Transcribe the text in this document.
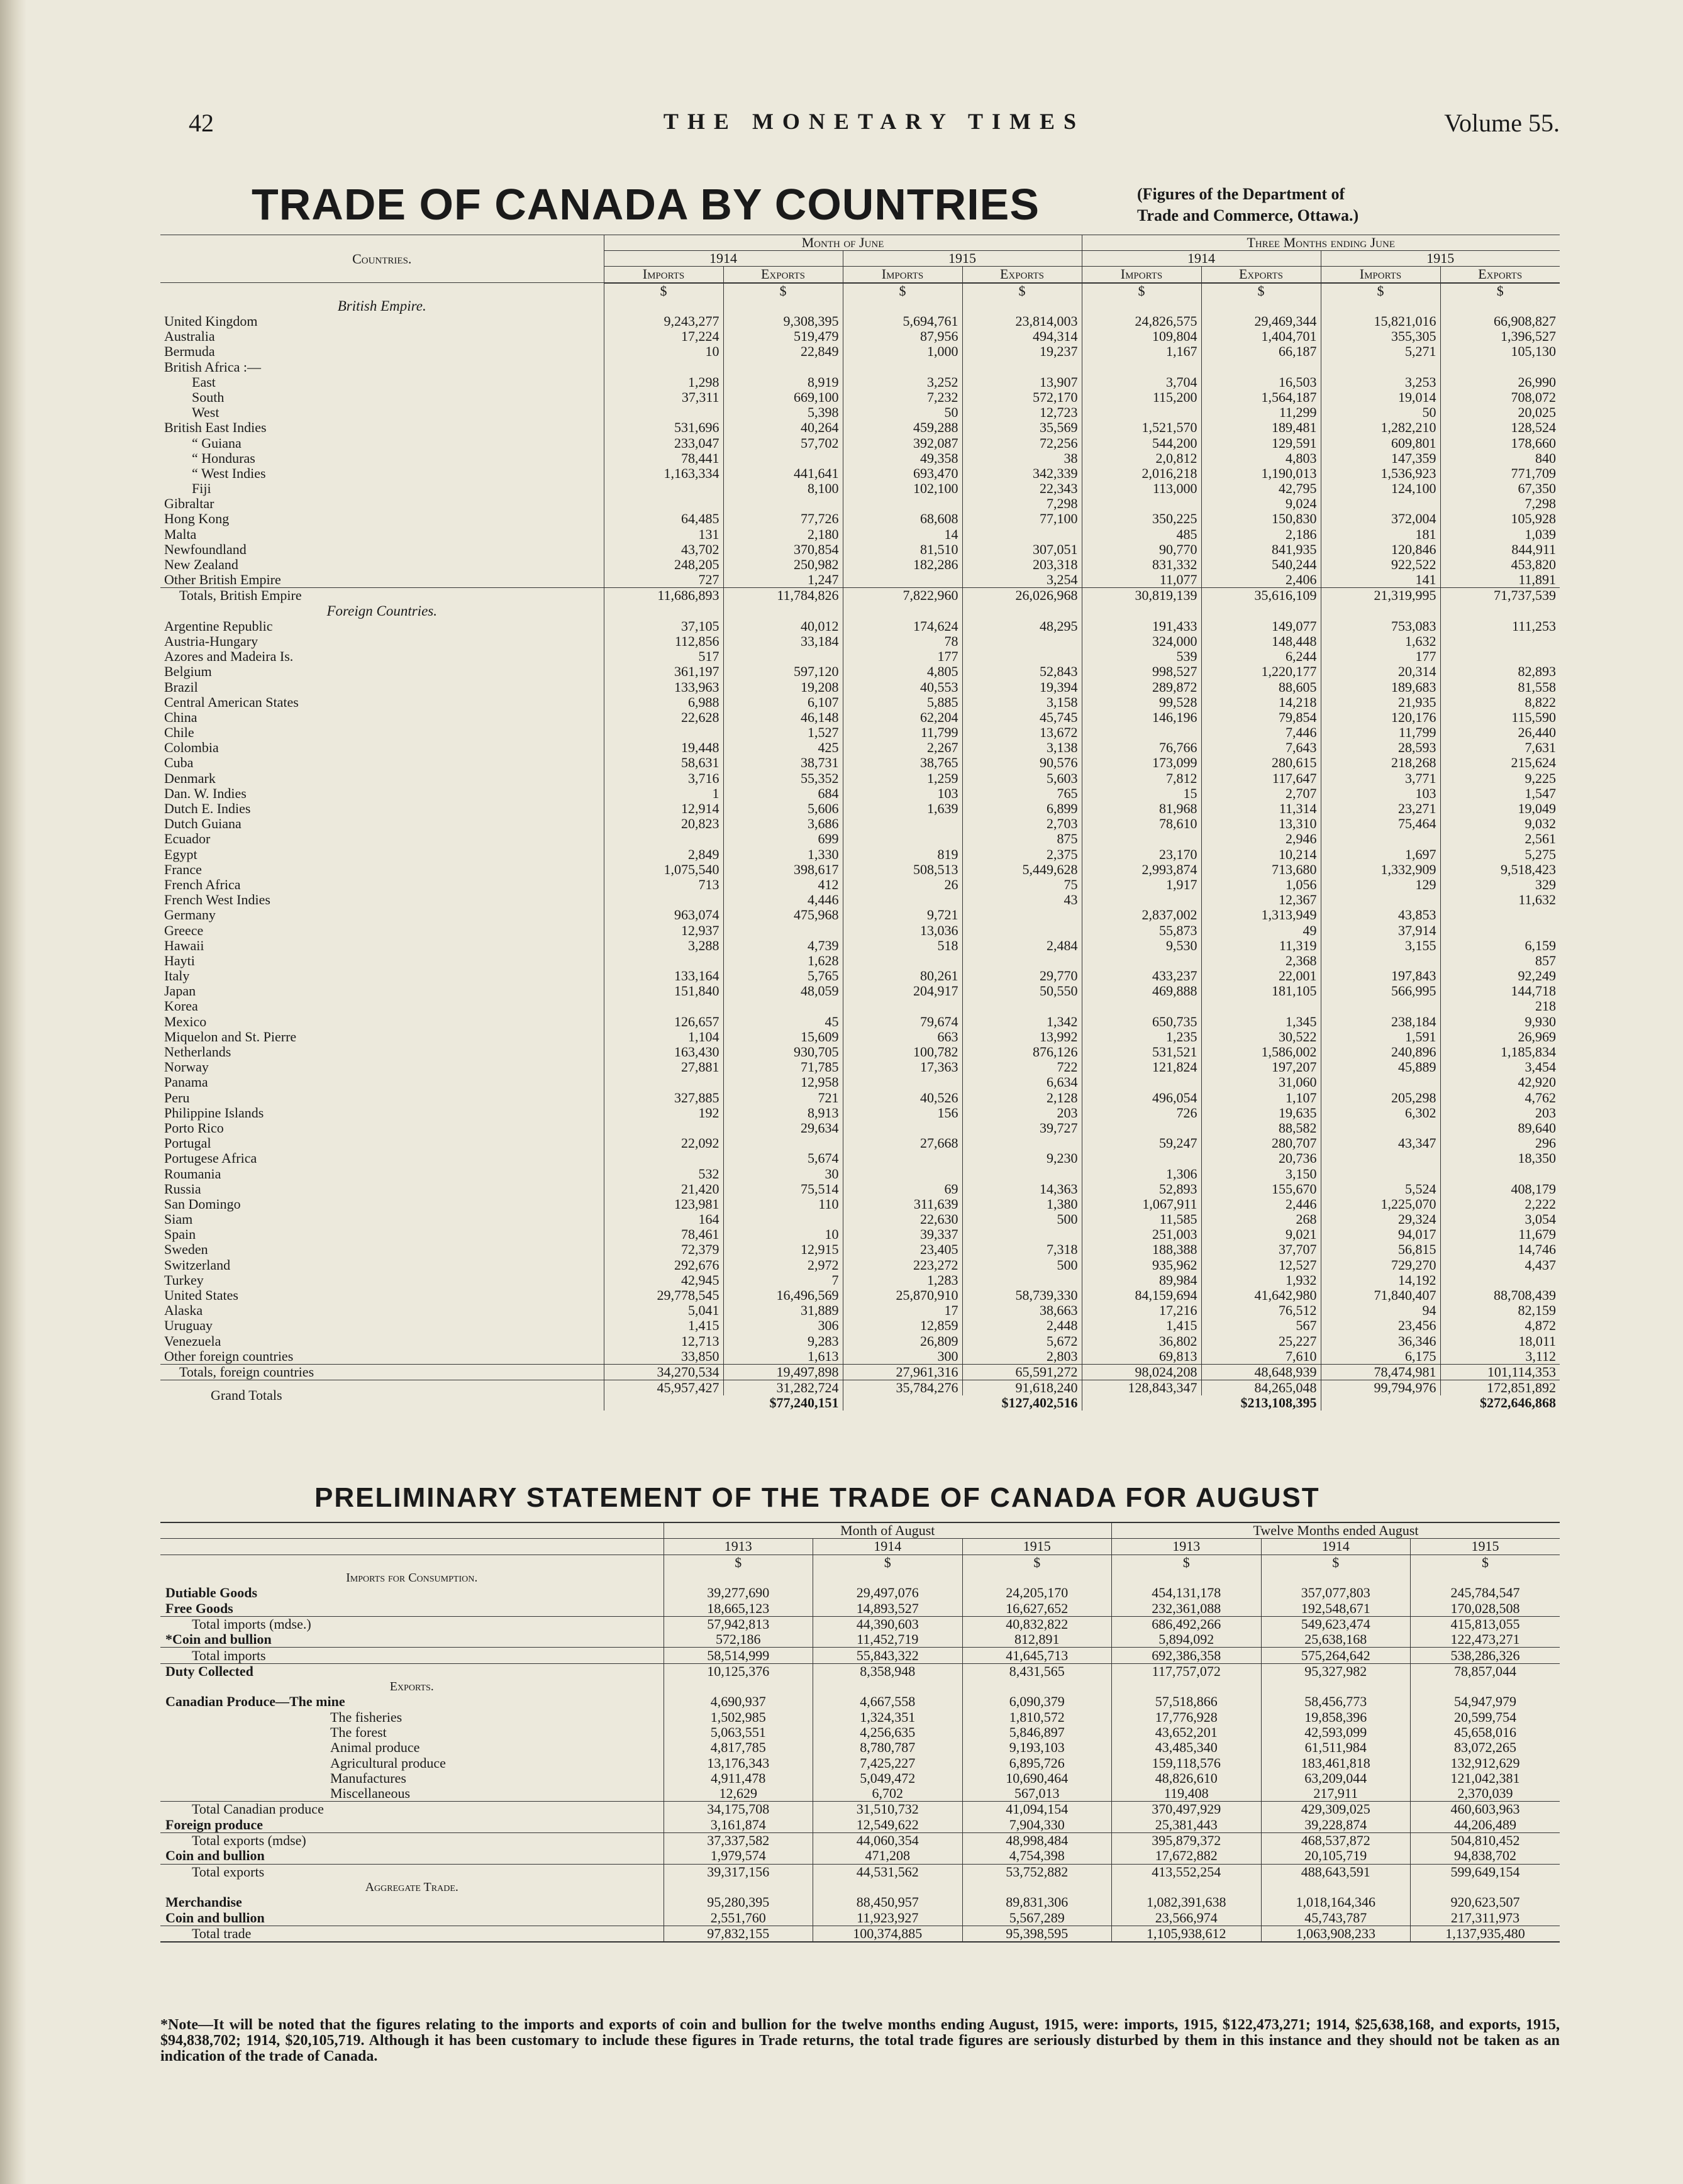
42	THE MONETARY TIMES	Volume 55.
TRADE OF CANADA BY COUNTRIES	(Figures of the Department of
Trade and Commerce, Ottawa.)
Countries.	Month of June				Three Months ending June			
	1914		1915		1914		1915	
	Imports	Exports	Imports	Exports	Imports	Exports	Imports	Exports
	$	$	$	$	$	$	$	$
British Empire.								
United Kingdom	9,243,277	9,308,395	5,694,761	23,814,003	24,826,575	29,469,344	15,821,016	66,908,827
Australia	17,224	519,479	87,956	494,314	109,804	1,404,701	355,305	1,396,527
Bermuda	10	22,849	1,000	19,237	1,167	66,187	5,271	105,130
British Africa :—								
East	1,298	8,919	3,252	13,907	3,704	16,503	3,253	26,990
South	37,311	669,100	7,232	572,170	115,200	1,564,187	19,014	708,072
West		5,398	50	12,723		11,299	50	20,025
British East Indies	531,696	40,264	459,288	35,569	1,521,570	189,481	1,282,210	128,524
“ Guiana	233,047	57,702	392,087	72,256	544,200	129,591	609,801	178,660
“ Honduras	78,441		49,358	38	2,0,812	4,803	147,359	840
“ West Indies	1,163,334	441,641	693,470	342,339	2,016,218	1,190,013	1,536,923	771,709
Fiji		8,100	102,100	22,343	113,000	42,795	124,100	67,350
Gibraltar				7,298		9,024		7,298
Hong Kong	64,485	77,726	68,608	77,100	350,225	150,830	372,004	105,928
Malta	131	2,180	14		485	2,186	181	1,039
Newfoundland	43,702	370,854	81,510	307,051	90,770	841,935	120,846	844,911
New Zealand	248,205	250,982	182,286	203,318	831,332	540,244	922,522	453,820
Other British Empire	727	1,247		3,254	11,077	2,406	141	11,891
Totals, British Empire	11,686,893	11,784,826	7,822,960	26,026,968	30,819,139	35,616,109	21,319,995	71,737,539
Foreign Countries.								
Argentine Republic	37,105	40,012	174,624	48,295	191,433	149,077	753,083	111,253
Austria-Hungary	112,856	33,184	78		324,000	148,448	1,632	
Azores and Madeira Is.	517		177		539	6,244	177	
Belgium	361,197	597,120	4,805	52,843	998,527	1,220,177	20,314	82,893
Brazil	133,963	19,208	40,553	19,394	289,872	88,605	189,683	81,558
Central American States	6,988	6,107	5,885	3,158	99,528	14,218	21,935	8,822
China	22,628	46,148	62,204	45,745	146,196	79,854	120,176	115,590
Chile		1,527	11,799	13,672		7,446	11,799	26,440
Colombia	19,448	425	2,267	3,138	76,766	7,643	28,593	7,631
Cuba	58,631	38,731	38,765	90,576	173,099	280,615	218,268	215,624
Denmark	3,716	55,352	1,259	5,603	7,812	117,647	3,771	9,225
Dan. W. Indies	1	684	103	765	15	2,707	103	1,547
Dutch E. Indies	12,914	5,606	1,639	6,899	81,968	11,314	23,271	19,049
Dutch Guiana	20,823	3,686		2,703	78,610	13,310	75,464	9,032
Ecuador		699		875		2,946		2,561
Egypt	2,849	1,330	819	2,375	23,170	10,214	1,697	5,275
France	1,075,540	398,617	508,513	5,449,628	2,993,874	713,680	1,332,909	9,518,423
French Africa	713	412	26	75	1,917	1,056	129	329
French West Indies		4,446		43		12,367		11,632
Germany	963,074	475,968	9,721		2,837,002	1,313,949	43,853	
Greece	12,937		13,036		55,873	49	37,914	
Hawaii	3,288	4,739	518	2,484	9,530	11,319	3,155	6,159
Hayti		1,628				2,368		857
Italy	133,164	5,765	80,261	29,770	433,237	22,001	197,843	92,249
Japan	151,840	48,059	204,917	50,550	469,888	181,105	566,995	144,718
Korea								218
Mexico	126,657	45	79,674	1,342	650,735	1,345	238,184	9,930
Miquelon and St. Pierre	1,104	15,609	663	13,992	1,235	30,522	1,591	26,969
Netherlands	163,430	930,705	100,782	876,126	531,521	1,586,002	240,896	1,185,834
Norway	27,881	71,785	17,363	722	121,824	197,207	45,889	3,454
Panama		12,958		6,634		31,060		42,920
Peru	327,885	721	40,526	2,128	496,054	1,107	205,298	4,762
Philippine Islands	192	8,913	156	203	726	19,635	6,302	203
Porto Rico		29,634		39,727		88,582		89,640
Portugal	22,092		27,668		59,247	280,707	43,347	296
Portugese Africa		5,674		9,230		20,736		18,350
Roumania	532	30			1,306	3,150		
Russia	21,420	75,514	69	14,363	52,893	155,670	5,524	408,179
San Domingo	123,981	110	311,639	1,380	1,067,911	2,446	1,225,070	2,222
Siam	164		22,630	500	11,585	268	29,324	3,054
Spain	78,461	10	39,337		251,003	9,021	94,017	11,679
Sweden	72,379	12,915	23,405	7,318	188,388	37,707	56,815	14,746
Switzerland	292,676	2,972	223,272	500	935,962	12,527	729,270	4,437
Turkey	42,945	7	1,283		89,984	1,932	14,192	
United States	29,778,545	16,496,569	25,870,910	58,739,330	84,159,694	41,642,980	71,840,407	88,708,439
Alaska	5,041	31,889	17	38,663	17,216	76,512	94	82,159
Uruguay	1,415	306	12,859	2,448	1,415	567	23,456	4,872
Venezuela	12,713	9,283	26,809	5,672	36,802	25,227	36,346	18,011
Other foreign countries	33,850	1,613	300	2,803	69,813	7,610	6,175	3,112
Totals, foreign countries	34,270,534	19,497,898	27,961,316	65,591,272	98,024,208	48,648,939	78,474,981	101,114,353
Grand Totals	45,957,427	31,282,724	35,784,276	91,618,240	128,843,347	84,265,048	99,794,976	172,851,892
	$77,240,151		$127,402,516		$213,108,395		$272,646,868	
PRELIMINARY STATEMENT OF THE TRADE OF CANADA FOR AUGUST
	Month of August			Twelve Months ended August		
	1913	1914	1915	1913	1914	1915
	$	$	$	$	$	$
Imports for Consumption.						
Dutiable Goods	39,277,690	29,497,076	24,205,170	454,131,178	357,077,803	245,784,547
Free Goods	18,665,123	14,893,527	16,627,652	232,361,088	192,548,671	170,028,508
Total imports (mdse.)	57,942,813	44,390,603	40,832,822	686,492,266	549,623,474	415,813,055
*Coin and bullion	572,186	11,452,719	812,891	5,894,092	25,638,168	122,473,271
Total imports	58,514,999	55,843,322	41,645,713	692,386,358	575,264,642	538,286,326
Duty Collected	10,125,376	8,358,948	8,431,565	117,757,072	95,327,982	78,857,044
Exports.						
Canadian Produce—The mine	4,690,937	4,667,558	6,090,379	57,518,866	58,456,773	54,947,979
The fisheries	1,502,985	1,324,351	1,810,572	17,776,928	19,858,396	20,599,754
The forest	5,063,551	4,256,635	5,846,897	43,652,201	42,593,099	45,658,016
Animal produce	4,817,785	8,780,787	9,193,103	43,485,340	61,511,984	83,072,265
Agricultural produce	13,176,343	7,425,227	6,895,726	159,118,576	183,461,818	132,912,629
Manufactures	4,911,478	5,049,472	10,690,464	48,826,610	63,209,044	121,042,381
Miscellaneous	12,629	6,702	567,013	119,408	217,911	2,370,039
Total Canadian produce	34,175,708	31,510,732	41,094,154	370,497,929	429,309,025	460,603,963
Foreign produce	3,161,874	12,549,622	7,904,330	25,381,443	39,228,874	44,206,489
Total exports (mdse)	37,337,582	44,060,354	48,998,484	395,879,372	468,537,872	504,810,452
Coin and bullion	1,979,574	471,208	4,754,398	17,672,882	20,105,719	94,838,702
Total exports	39,317,156	44,531,562	53,752,882	413,552,254	488,643,591	599,649,154
Aggregate Trade.						
Merchandise	95,280,395	88,450,957	89,831,306	1,082,391,638	1,018,164,346	920,623,507
Coin and bullion	2,551,760	11,923,927	5,567,289	23,566,974	45,743,787	217,311,973
Total trade	97,832,155	100,374,885	95,398,595	1,105,938,612	1,063,908,233	1,137,935,480
*Note—It will be noted that the figures relating to the imports and exports of coin and bullion for the twelve months ending August, 1915, were: imports, 1915, $122,473,271; 1914, $25,638,168, and exports, 1915, $94,838,702; 1914, $20,105,719. Although it has been customary to include these figures in Trade returns, the total trade figures are seriously disturbed by them in this instance and they should not be taken as an indication of the trade of Canada.
